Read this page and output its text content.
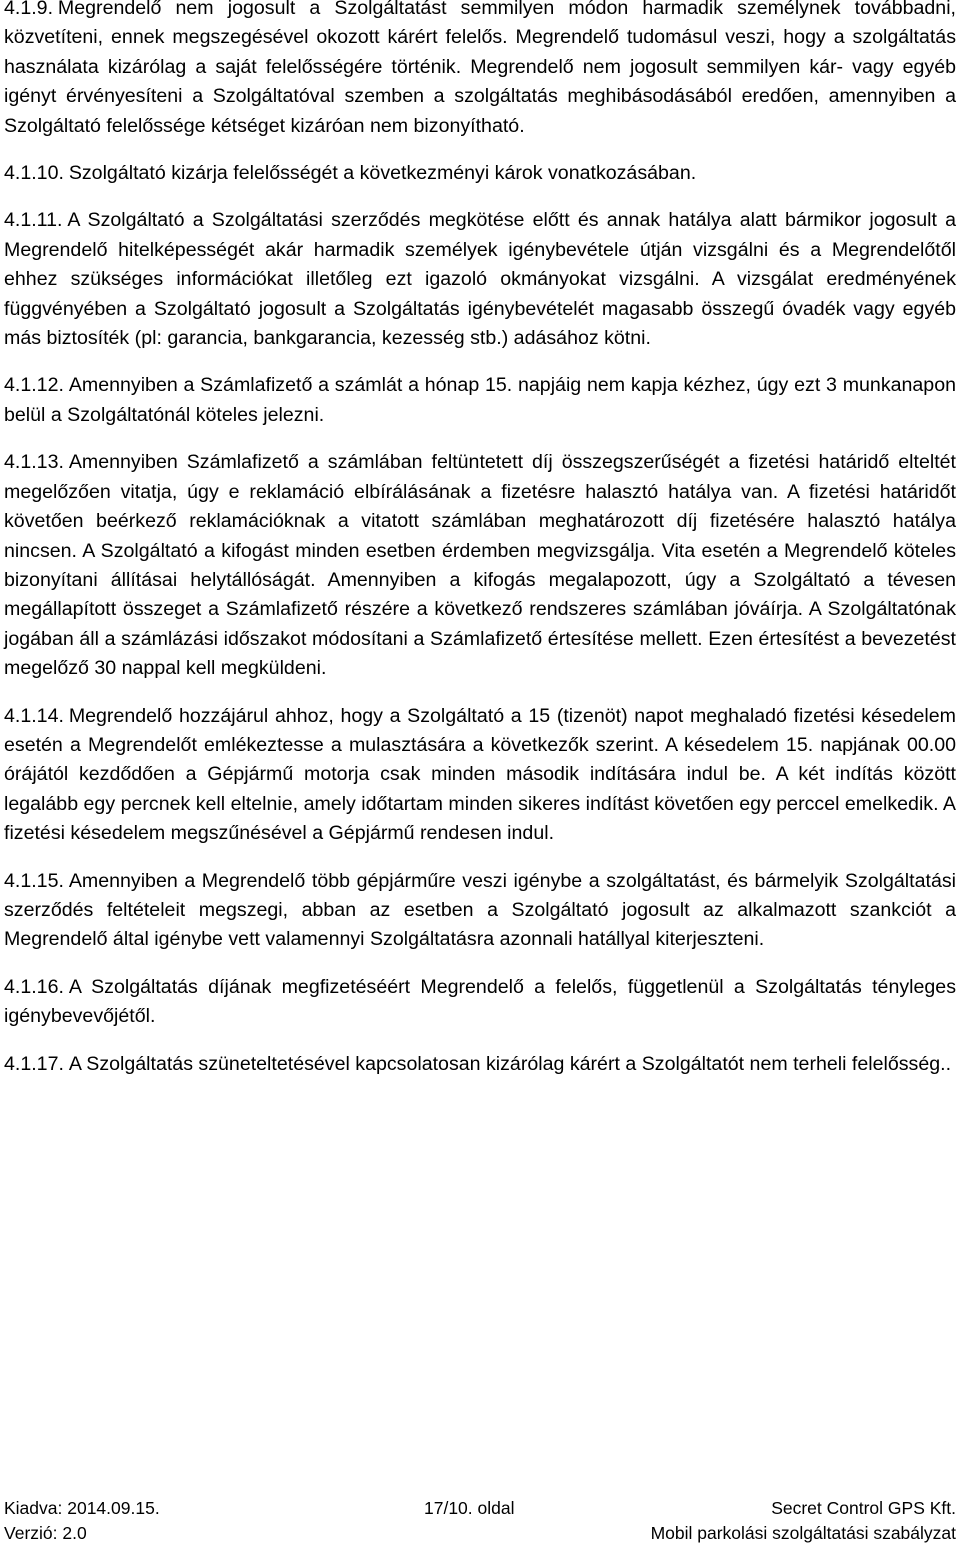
4.1.9. Megrendelő nem jogosult a Szolgáltatást semmilyen módon harmadik személynek továbbadni, közvetíteni, ennek megszegésével okozott kárért felelős. Megrendelő tudomásul veszi, hogy a szolgáltatás használata kizárólag a saját felelősségére történik. Megrendelő nem jogosult semmilyen kár- vagy egyéb igényt érvényesíteni a Szolgáltatóval szemben a szolgáltatás meghibásodásából eredően, amennyiben a Szolgáltató felelőssége kétséget kizáróan nem bizonyítható.

4.1.10. Szolgáltató kizárja felelősségét a következményi károk vonatkozásában.

4.1.11. A Szolgáltató a Szolgáltatási szerződés megkötése előtt és annak hatálya alatt bármikor jogosult a Megrendelő hitelképességét akár harmadik személyek igénybevétele útján vizsgálni és a Megrendelőtől ehhez szükséges információkat illetőleg ezt igazoló okmányokat vizsgálni. A vizsgálat eredményének függvényében a Szolgáltató jogosult a Szolgáltatás igénybevételét magasabb összegű óvadék vagy egyéb más biztosíték (pl: garancia, bankgarancia, kezesség stb.) adásához kötni.

4.1.12. Amennyiben a Számlafizető a számlát a hónap 15. napjáig nem kapja kézhez, úgy ezt 3 munkanapon belül a Szolgáltatónál köteles jelezni.

4.1.13. Amennyiben Számlafizető a számlában feltüntetett díj összegszerűségét a fizetési határidő elteltét megelőzően vitatja, úgy e reklamáció elbírálásának a fizetésre halasztó hatálya van. A fizetési határidőt követően beérkező reklamációknak a vitatott számlában meghatározott díj fizetésére halasztó hatálya nincsen. A Szolgáltató a kifogást minden esetben érdemben megvizsgálja. Vita esetén a Megrendelő köteles bizonyítani állításai helytállóságát. Amennyiben a kifogás megalapozott, úgy a Szolgáltató a tévesen megállapított összeget a Számlafizető részére a következő rendszeres számlában jóváírja. A Szolgáltatónak jogában áll a számlázási időszakot módosítani a Számlafizető értesítése mellett. Ezen értesítést a bevezetést megelőző 30 nappal kell megküldeni.

4.1.14. Megrendelő hozzájárul ahhoz, hogy a Szolgáltató a 15 (tizenöt) napot meghaladó fizetési késedelem esetén a Megrendelőt emlékeztesse a mulasztására a következők szerint. A késedelem 15. napjának 00.00 órájától kezdődően a Gépjármű motorja csak minden második indítására indul be. A két indítás között legalább egy percnek kell eltelnie, amely időtartam minden sikeres indítást követően egy perccel emelkedik. A fizetési késedelem megszűnésével a Gépjármű rendesen indul.

4.1.15. Amennyiben a Megrendelő több gépjárműre veszi igénybe a szolgáltatást, és bármelyik Szolgáltatási szerződés feltételeit megszegi, abban az esetben a Szolgáltató jogosult az alkalmazott szankciót a Megrendelő által igénybe vett valamennyi Szolgáltatásra azonnali hatállyal kiterjeszteni.

4.1.16. A Szolgáltatás díjának megfizetéséért Megrendelő a felelős, függetlenül a Szolgáltatás tényleges igénybevevőjétől.

4.1.17. A Szolgáltatás szüneteltetésével kapcsolatosan kizárólag kárért a Szolgáltatót nem terheli felelősség..

Kiadva: 2014.09.15.	17/10. oldal	Secret Control GPS Kft.
Verzió: 2.0	Mobil parkolási szolgáltatási szabályzat
